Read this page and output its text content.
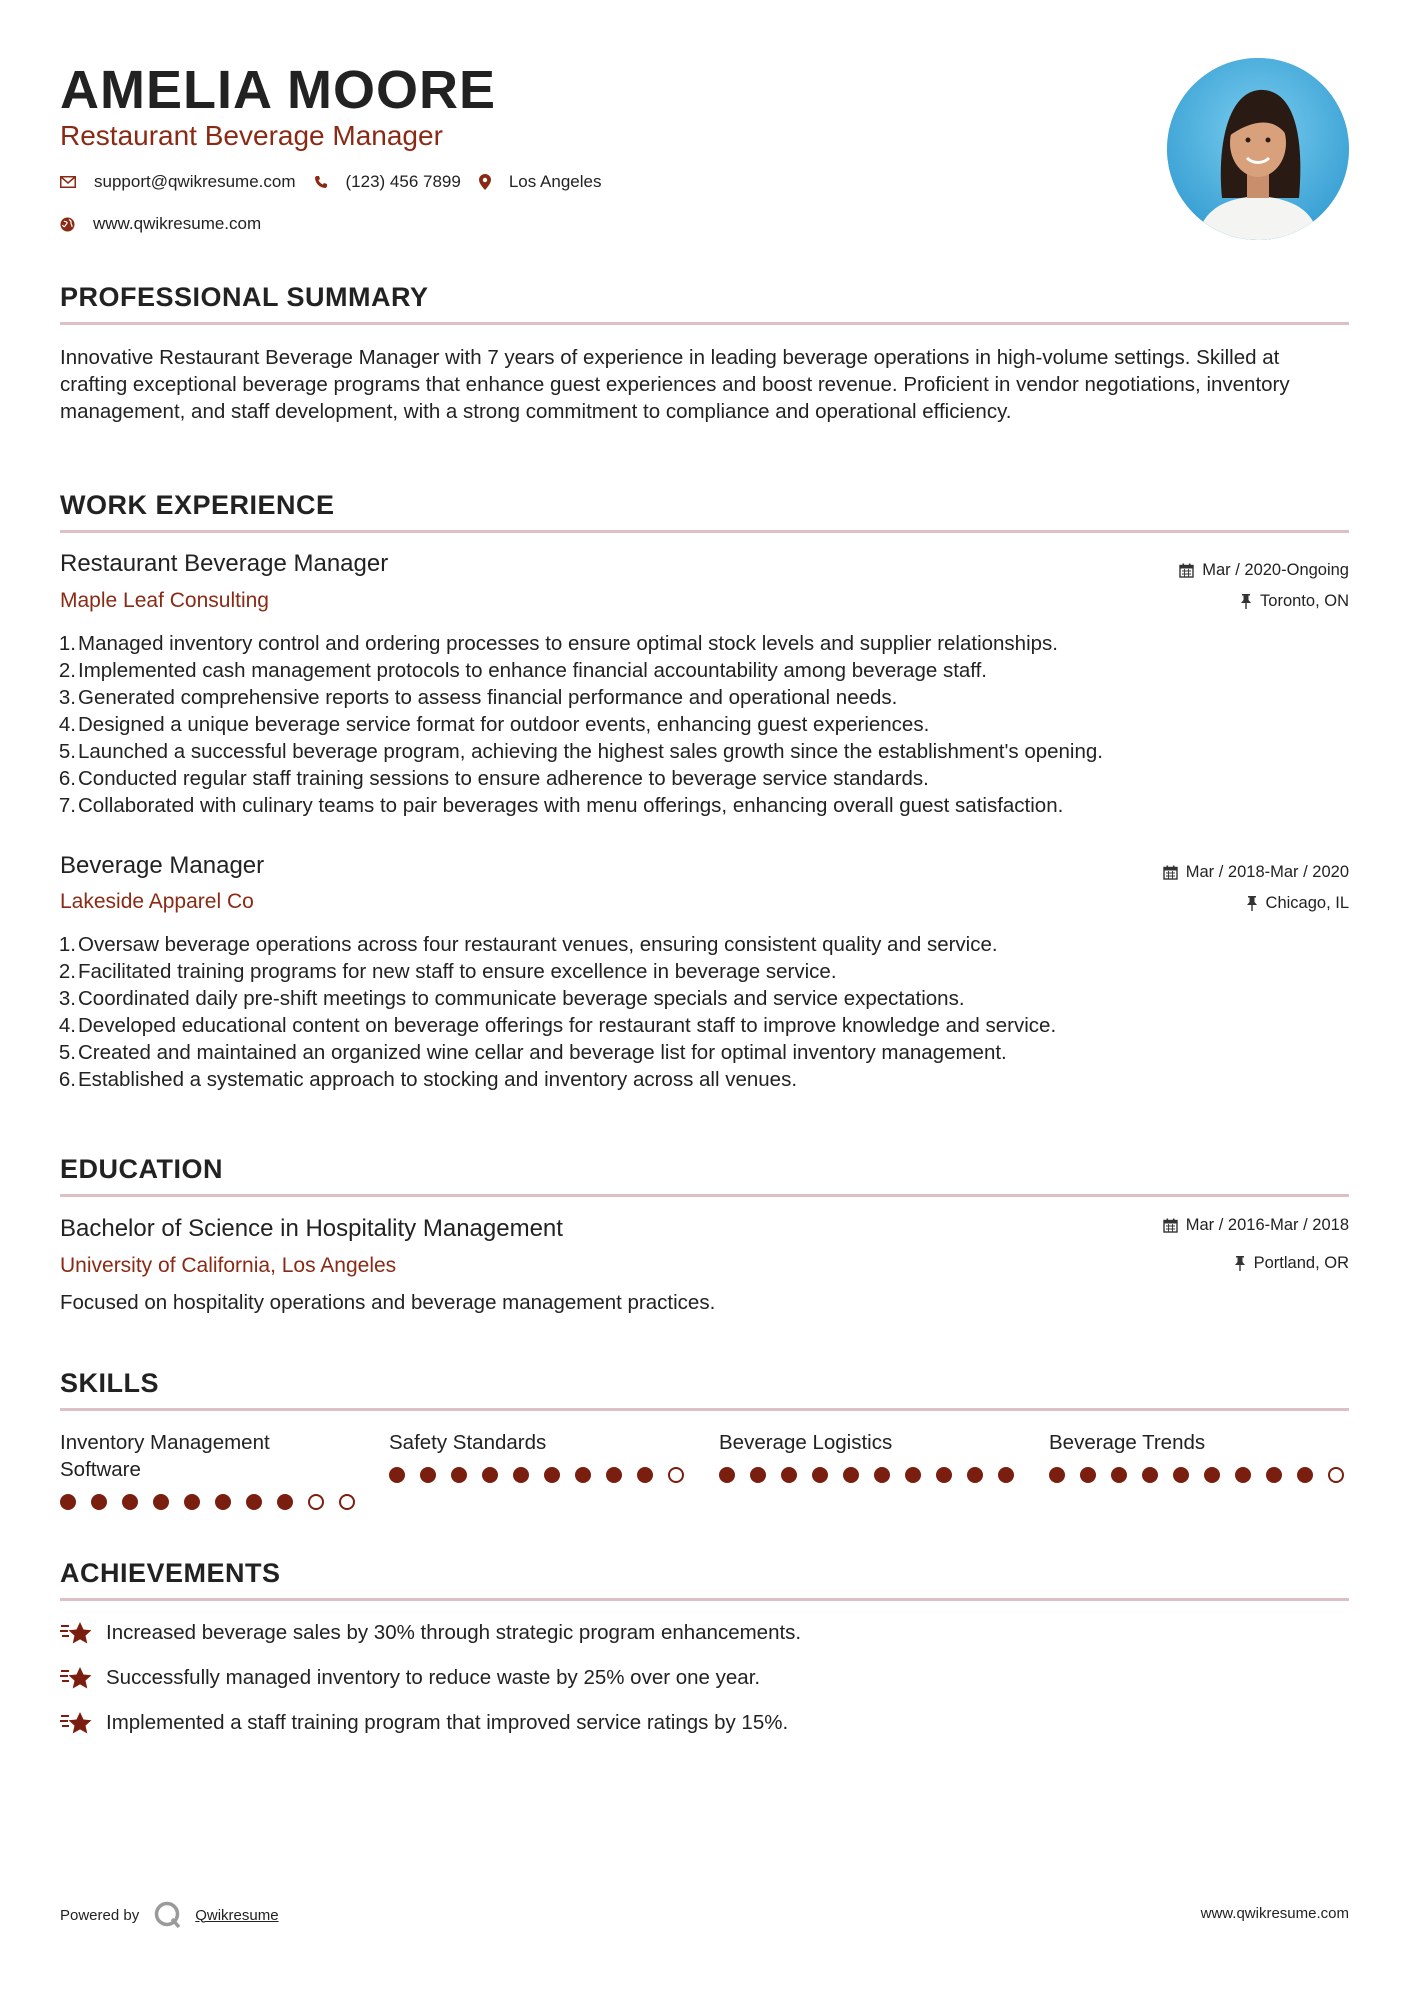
AMELIA MOORE
Restaurant Beverage Manager
support@qwikresume.com	(123) 456 7899	Los Angeles
www.qwikresume.com
PROFESSIONAL SUMMARY
Innovative Restaurant Beverage Manager with 7 years of experience in leading beverage operations in high-volume settings. Skilled at crafting exceptional beverage programs that enhance guest experiences and boost revenue. Proficient in vendor negotiations, inventory management, and staff development, with a strong commitment to compliance and operational efficiency.
WORK EXPERIENCE
Restaurant Beverage Manager
Maple Leaf Consulting
Mar / 2020-Ongoing
Toronto, ON
1. Managed inventory control and ordering processes to ensure optimal stock levels and supplier relationships.
2. Implemented cash management protocols to enhance financial accountability among beverage staff.
3. Generated comprehensive reports to assess financial performance and operational needs.
4. Designed a unique beverage service format for outdoor events, enhancing guest experiences.
5. Launched a successful beverage program, achieving the highest sales growth since the establishment's opening.
6. Conducted regular staff training sessions to ensure adherence to beverage service standards.
7. Collaborated with culinary teams to pair beverages with menu offerings, enhancing overall guest satisfaction.
Beverage Manager
Lakeside Apparel Co
Mar / 2018-Mar / 2020
Chicago, IL
1. Oversaw beverage operations across four restaurant venues, ensuring consistent quality and service.
2. Facilitated training programs for new staff to ensure excellence in beverage service.
3. Coordinated daily pre-shift meetings to communicate beverage specials and service expectations.
4. Developed educational content on beverage offerings for restaurant staff to improve knowledge and service.
5. Created and maintained an organized wine cellar and beverage list for optimal inventory management.
6. Established a systematic approach to stocking and inventory across all venues.
EDUCATION
Bachelor of Science in Hospitality Management
University of California, Los Angeles
Mar / 2016-Mar / 2018
Portland, OR
Focused on hospitality operations and beverage management practices.
SKILLS
Inventory Management Software
Safety Standards	Beverage Logistics	Beverage Trends
ACHIEVEMENTS
Increased beverage sales by 30% through strategic program enhancements.
Successfully managed inventory to reduce waste by 25% over one year.
Implemented a staff training program that improved service ratings by 15%.
Powered by	Qwikresume	www.qwikresume.com
